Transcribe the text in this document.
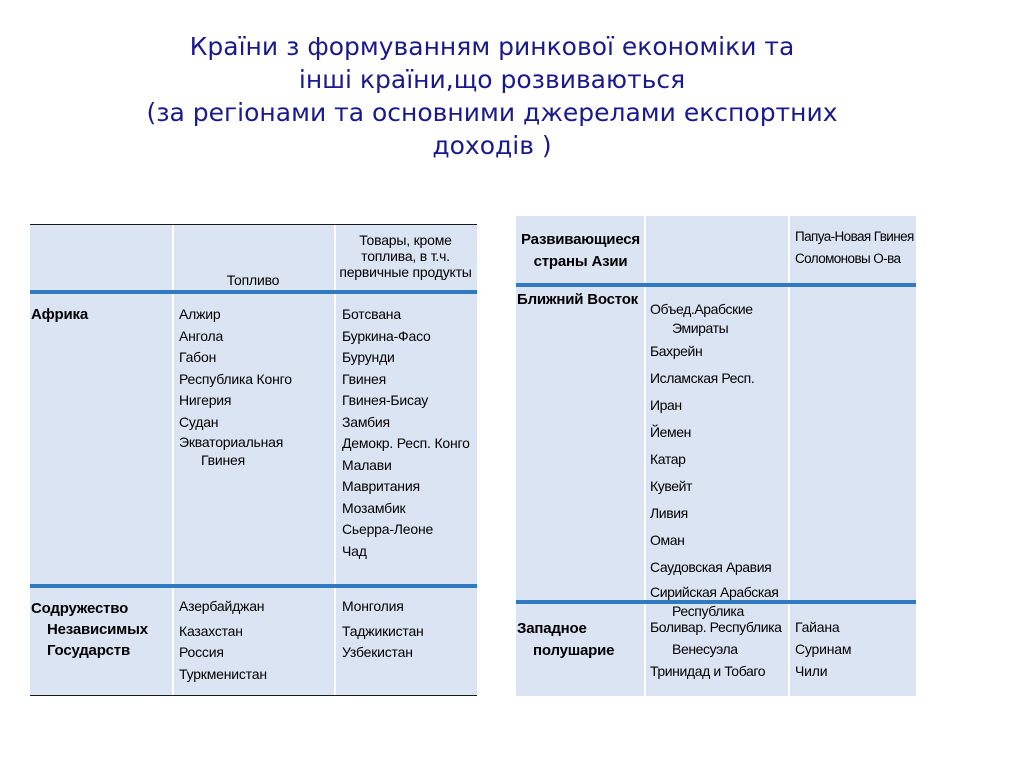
Країни з формуванням ринкової економіки та
інші країни,що розвиваються
(за регіонами та основними джерелами експортних
доходів )
Топливо
Товары, кроме
топлива, в т.ч.
первичные продукты
Африка	Алжир
Ангола
Габон
Республика Конго
Нигерия
Судан
Экваториальная
Гвинея
Ботсвана
Буркина-Фасо
Бурунди
Гвинея
Гвинея-Бисау
Замбия
Демокр. Респ. Конго
Малави
Мавритания
Мозамбик
Сьерра-Леоне
Чад
Содружество
Независимых
Государств
Азербайджан
Казахстан
Россия
Туркменистан
Монголия
Таджикистан
Узбекистан
Развивающиеся
страны Азии
Папуа-Новая Гвинея
Соломоновы О-ва
Ближний Восток
Объед.Арабские
Эмираты
Бахрейн
Исламская Респ. Иран
Йемен
Катар
Кувейт
Ливия
Оман
Саудовская Аравия
Сирийская Арабская
Республика
Западное
полушарие
Боливар. Республика
Венесуэла
Тринидад и Тобаго
Гайана
Суринам
Чили
